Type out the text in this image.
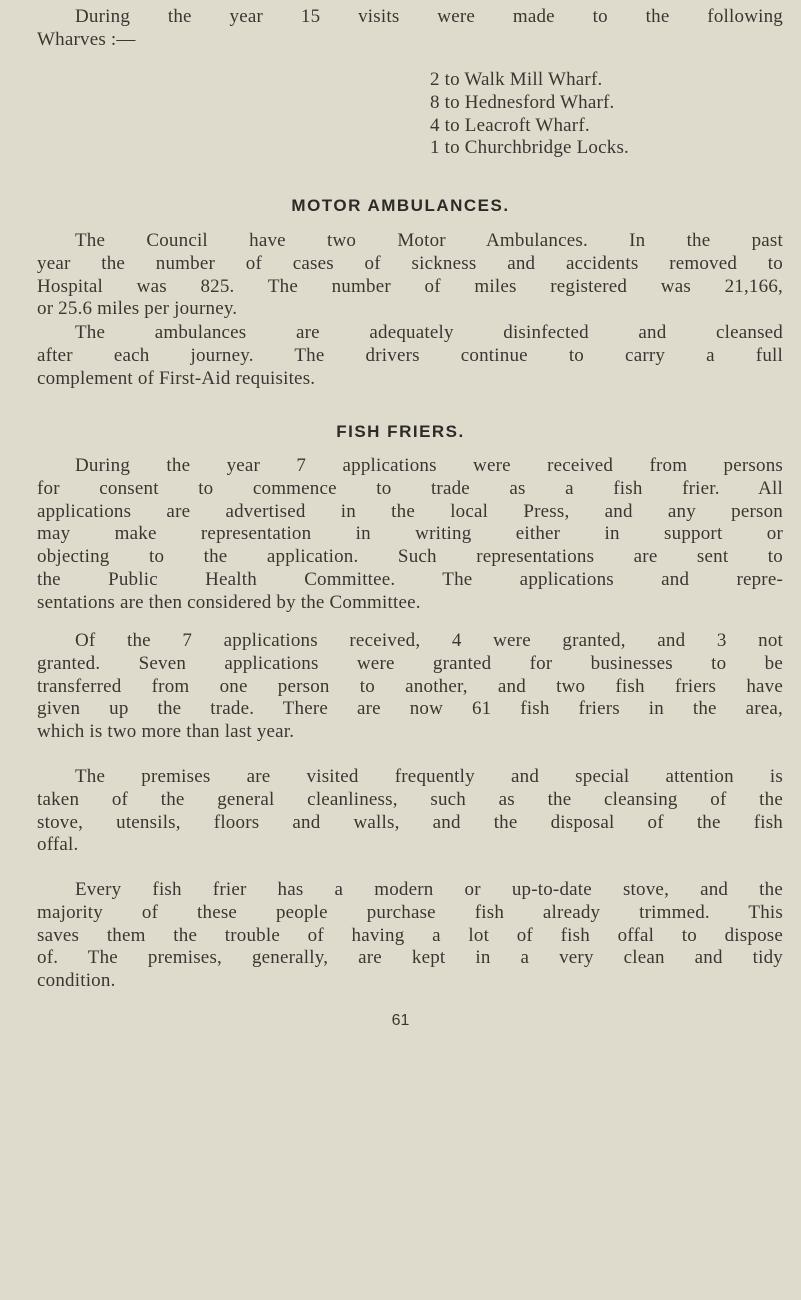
During the year 15 visits were made to the following
Wharves :—
2 to Walk Mill Wharf.
8 to Hednesford Wharf.
4 to Leacroft Wharf.
1 to Churchbridge Locks.
MOTOR AMBULANCES.
The Council have two Motor Ambulances. In the past
year the number of cases of sickness and accidents removed to
Hospital was 825. The number of miles registered was 21,166,
or 25.6 miles per journey.
The ambulances are adequately disinfected and cleansed
after each journey. The drivers continue to carry a full
complement of First-Aid requisites.
FISH FRIERS.
During the year 7 applications were received from persons
for consent to commence to trade as a fish frier. All
applications are advertised in the local Press, and any person
may make representation in writing either in support or
objecting to the application. Such representations are sent to
the Public Health Committee. The applications and repre-
sentations are then considered by the Committee.
Of the 7 applications received, 4 were granted, and 3 not
granted. Seven applications were granted for businesses to be
transferred from one person to another, and two fish friers have
given up the trade. There are now 61 fish friers in the area,
which is two more than last year.
The premises are visited frequently and special attention is
taken of the general cleanliness, such as the cleansing of the
stove, utensils, floors and walls, and the disposal of the fish
offal.
Every fish frier has a modern or up-to-date stove, and the
majority of these people purchase fish already trimmed. This
saves them the trouble of having a lot of fish offal to dispose
of. The premises, generally, are kept in a very clean and tidy
condition.
61
